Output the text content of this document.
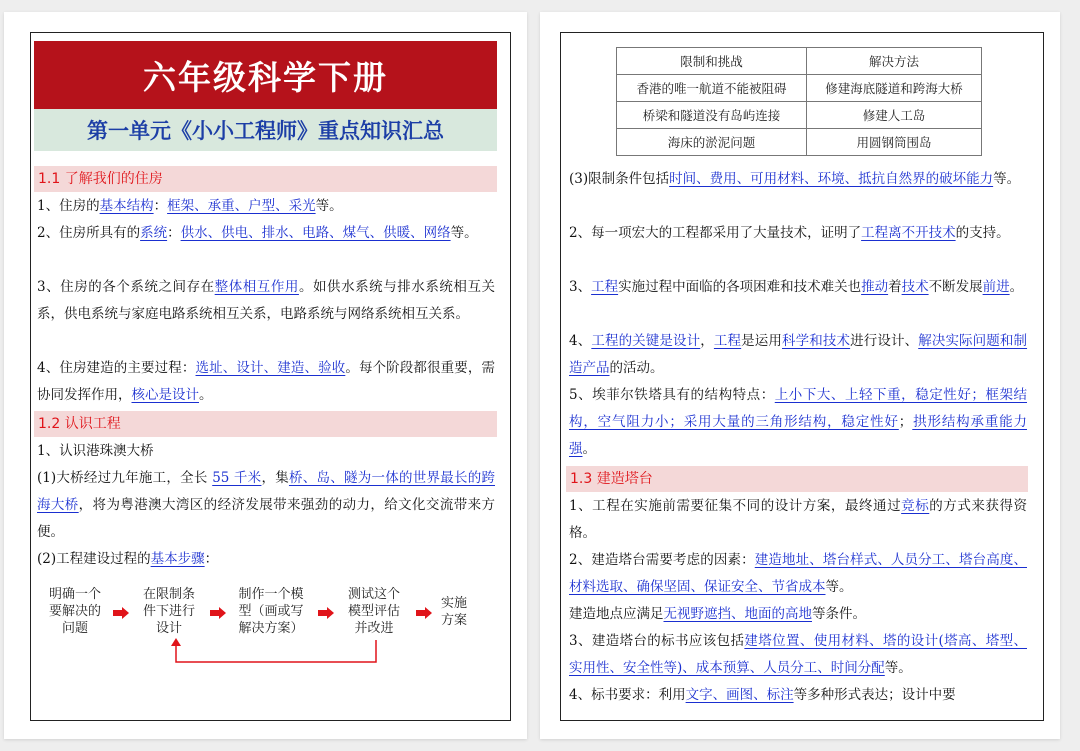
六年级科学下册
第一单元《小小工程师》重点知识汇总
1.1 了解我们的住房

1、住房的基本结构：框架、承重、户型、采光等。

2、住房所具有的系统：供水、供电、排水、电路、煤气、供暖、网络等。

3、住房的各个系统之间存在整体相互作用。如供水系统与排水系统相互关系，供电系统与家庭电路系统相互关系，电路系统与网络系统相互关系。

4、住房建造的主要过程：选址、设计、建造、验收。每个阶段都很重要，需协同发挥作用，核心是设计。

1.2 认识工程

1、认识港珠澳大桥

(1)大桥经过九年施工，全长 55 千米，集桥、岛、隧为一体的世界最长的跨海大桥，将为粤港澳大湾区的经济发展带来强劲的动力，给文化交流带来方便。

(2)工程建设过程的基本步骤：

明确一个
要解决的
问题
在限制条
件下进行
设计
制作一个模
型（画或写
解决方案）
测试这个
模型评估
并改进
实施
方案
限制和挑战	解决方法
香港的唯一航道不能被阻碍	修建海底隧道和跨海大桥
桥梁和隧道没有岛屿连接	修建人工岛
海床的淤泥问题	用圆钢筒围岛

(3)限制条件包括时间、费用、可用材料、环境、抵抗自然界的破坏能力等。

2、每一项宏大的工程都采用了大量技术，证明了工程离不开技术的支持。

3、工程实施过程中面临的各项困难和技术难关也推动着技术不断发展前进。

4、工程的关键是设计，工程是运用科学和技术进行设计、解决实际问题和制造产品的活动。

5、埃菲尔铁塔具有的结构特点：上小下大、上轻下重，稳定性好；框架结构，空气阻力小；采用大量的三角形结构，稳定性好；拱形结构承重能力强。

1.3 建造塔台

1、工程在实施前需要征集不同的设计方案，最终通过竞标的方式来获得资格。

2、建造塔台需要考虑的因素：建造地址、塔台样式、人员分工、塔台高度、材料选取、确保坚固、保证安全、节省成本等。

建造地点应满足无视野遮挡、地面的高地等条件。

3、建造塔台的标书应该包括建塔位置、使用材料、塔的设计(塔高、塔型、实用性、安全性等)、成本预算、人员分工、时间分配等。

4、标书要求：利用文字、画图、标注等多种形式表达；设计中要
